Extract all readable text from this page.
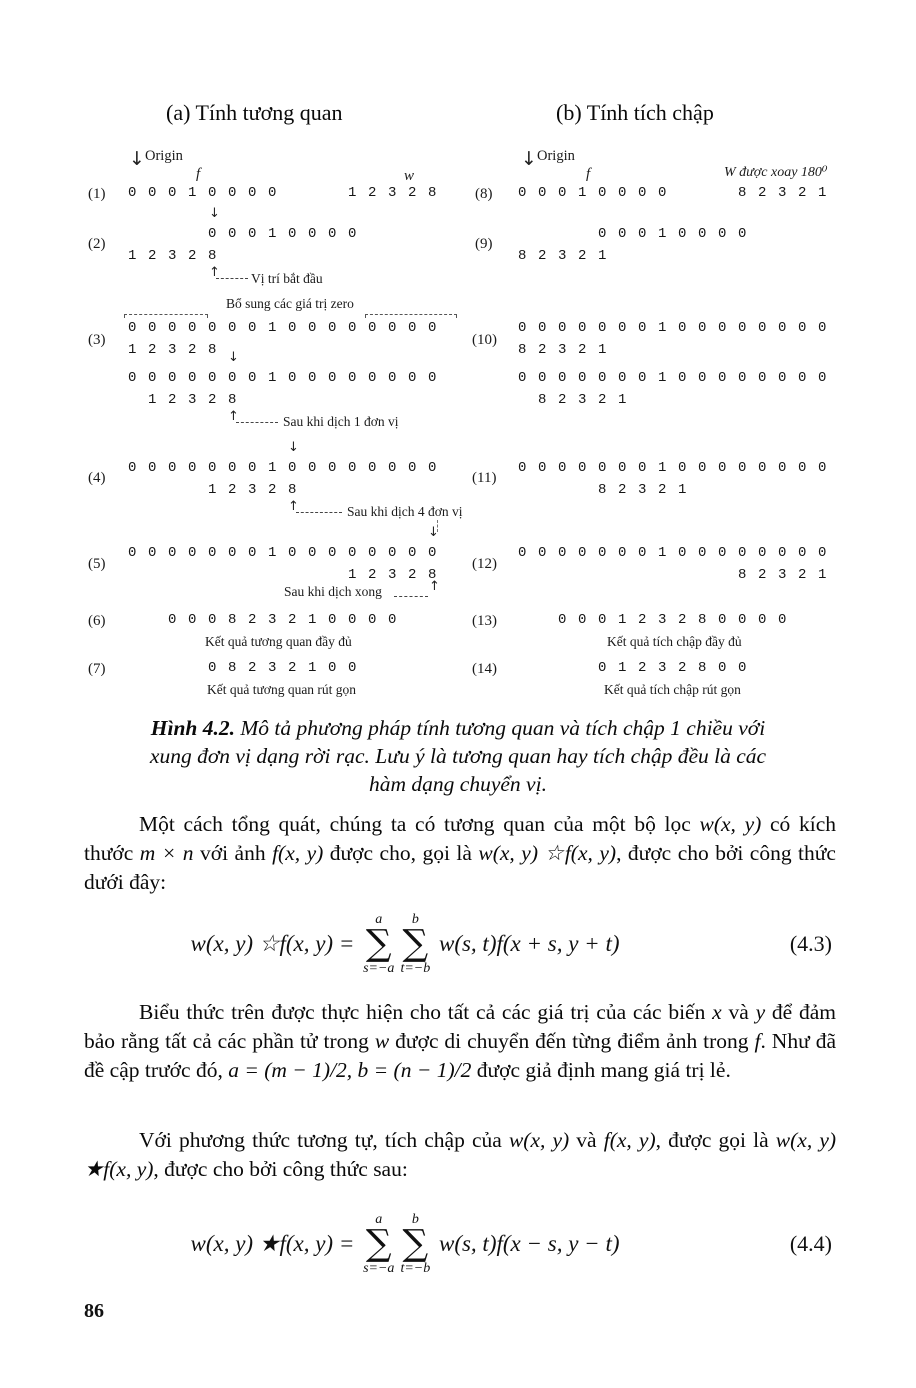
(a) Tính tương quan	(b) Tính tích chập
↓ Origin
f	w
(1) 0 0 0 1 0 0 0 0       1 2 3 2 8
(2)
↓
0 0 0 1 0 0 0 0
1 2 3 2 8
↑ Vị trí bắt đầu
Bổ sung các giá trị zero
(3)
0 0 0 0 0 0 0 1 0 0 0 0 0 0 0 0
1 2 3 2 8 ↓
0 0 0 0 0 0 0 1 0 0 0 0 0 0 0 0
1 2 3 2 8
↑	Sau khi dịch 1 đơn vị
(4)
↓
0 0 0 0 0 0 0 1 0 0 0 0 0 0 0 0
1 2 3 2 8
↑	Sau khi dịch 4 đơn vị
(5)
↓
0 0 0 0 0 0 0 1 0 0 0 0 0 0 0 0
1 2 3 2 8
Sau khi dịch xong	↑
(6) 0 0 0 8 2 3 2 1 0 0 0 0
Kết quả tương quan đầy đủ
(7) 0 8 2 3 2 1 0 0
Kết quả tương quan rút gọn
↓ Origin
f	W được xoay 180⁰
(8) 0 0 0 1 0 0 0 0       8 2 3 2 1
(9)
0 0 0 1 0 0 0 0
8 2 3 2 1
(10)
0 0 0 0 0 0 0 1 0 0 0 0 0 0 0 0
8 2 3 2 1
0 0 0 0 0 0 0 1 0 0 0 0 0 0 0 0
8 2 3 2 1
(11)
0 0 0 0 0 0 0 1 0 0 0 0 0 0 0 0
8 2 3 2 1
(12)
0 0 0 0 0 0 0 1 0 0 0 0 0 0 0 0
8 2 3 2 1
(13) 0 0 0 1 2 3 2 8 0 0 0 0
Kết quả tích chập đầy đủ
(14) 0 1 2 3 2 8 0 0
Kết quả tích chập rút gọn
Hình 4.2. Mô tả phương pháp tính tương quan và tích chập 1 chiều với
xung đơn vị dạng rời rạc. Lưu ý là tương quan hay tích chập đều là các
hàm dạng chuyển vị.
Một cách tổng quát, chúng ta có tương quan của một bộ lọc w(x, y) có kích thước m × n với ảnh f(x, y) được cho, gọi là w(x, y) ☆f(x, y), được cho bởi công thức dưới đây:
w(x, y) ☆f(x, y) =
a
∑
s=−a
b
∑
t=−b
w(s, t)f(x + s, y + t)	(4.3)
Biểu thức trên được thực hiện cho tất cả các giá trị của các biến x và y để đảm bảo rằng tất cả các phần tử trong w được di chuyển đến từng điểm ảnh trong f. Như đã đề cập trước đó, a = (m − 1)/2, b = (n − 1)/2 được giả định mang giá trị lẻ.
Với phương thức tương tự, tích chập của w(x, y) và f(x, y), được gọi là w(x, y) ★f(x, y), được cho bởi công thức sau:
w(x, y) ★f(x, y) =
a
∑
s=−a
b
∑
t=−b
w(s, t)f(x − s, y − t)	(4.4)
86
